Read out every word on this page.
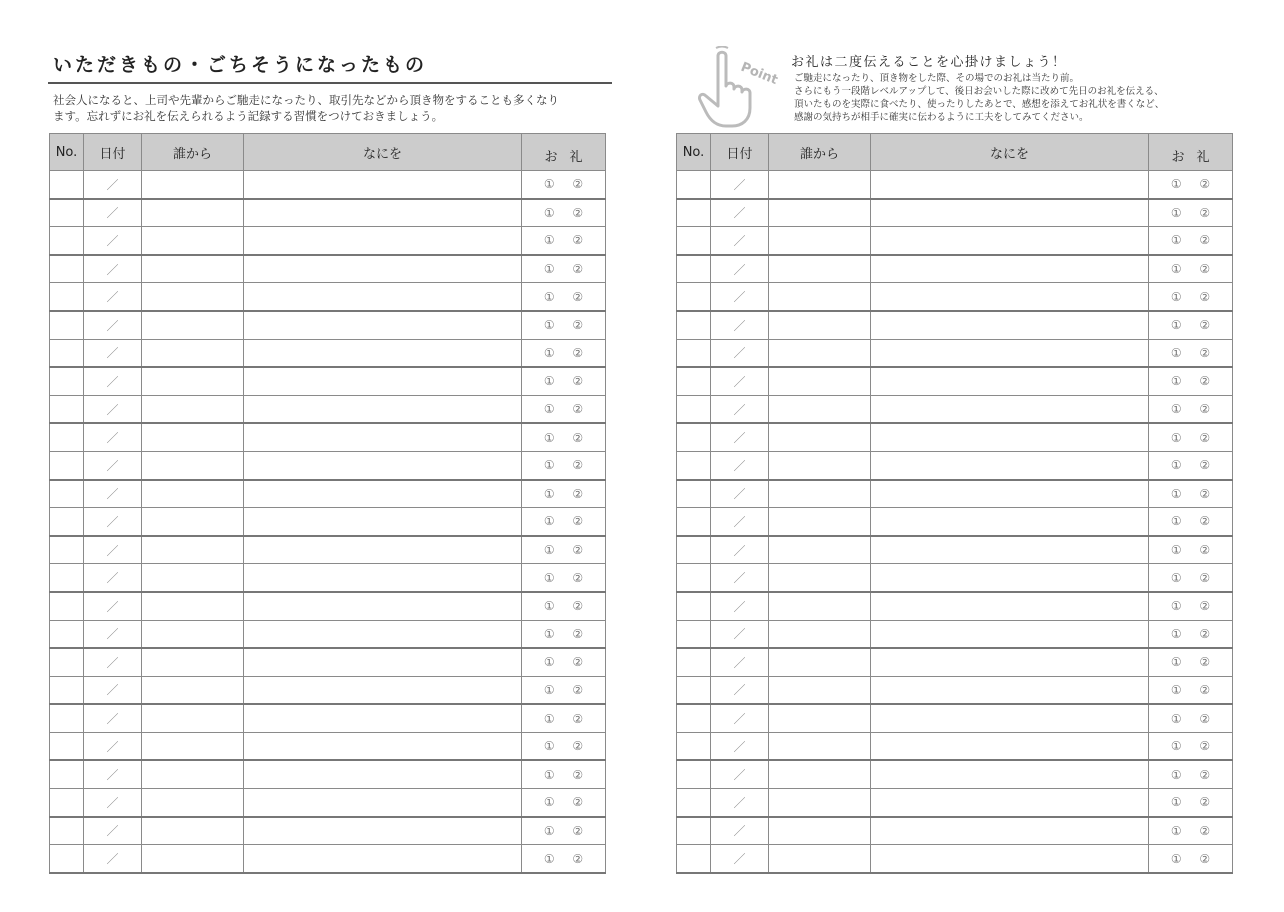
いただきもの・ごちそうになったもの
社会人になると、上司や先輩からご馳走になったり、取引先などから頂き物をすることも多くなり
ます。忘れずにお礼を伝えられるよう記録する習慣をつけておきましょう。
No.	日付	誰から	なにを	お礼
	／			① ②
	／			① ②
	／			① ②
	／			① ②
	／			① ②
	／			① ②
	／			① ②
	／			① ②
	／			① ②
	／			① ②
	／			① ②
	／			① ②
	／			① ②
	／			① ②
	／			① ②
	／			① ②
	／			① ②
	／			① ②
	／			① ②
	／			① ②
	／			① ②
	／			① ②
	／			① ②
	／			① ②
	／			① ②
Point お礼は二度伝えることを心掛けましょう！
ご馳走になったり、頂き物をした際、その場でのお礼は当たり前。
さらにもう一段階レベルアップして、後日お会いした際に改めて先日のお礼を伝える、
頂いたものを実際に食べたり、使ったりしたあとで、感想を添えてお礼状を書くなど、
感謝の気持ちが相手に確実に伝わるように工夫をしてみてください。
No.	日付	誰から	なにを	お礼
	／			① ②
	／			① ②
	／			① ②
	／			① ②
	／			① ②
	／			① ②
	／			① ②
	／			① ②
	／			① ②
	／			① ②
	／			① ②
	／			① ②
	／			① ②
	／			① ②
	／			① ②
	／			① ②
	／			① ②
	／			① ②
	／			① ②
	／			① ②
	／			① ②
	／			① ②
	／			① ②
	／			① ②
	／			① ②
